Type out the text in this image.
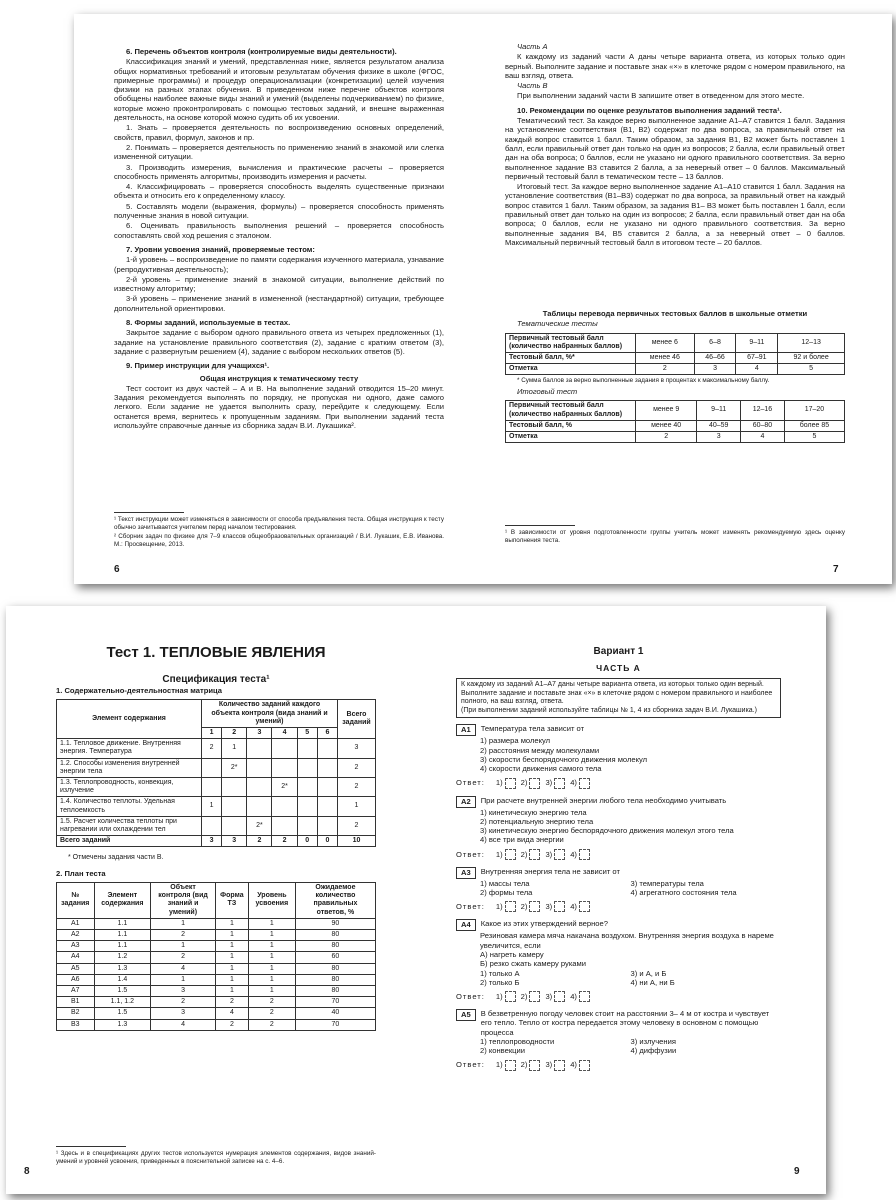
6. Перечень объектов контроля (контролируемые виды деятельности).

Классификация знаний и умений, представленная ниже, является результатом анализа общих нормативных требований и итоговым результатам обучения физике в школе (ФГОС, примерные программы) и процедур операционализации (конкретизации) целей изучения физики на разных этапах обучения. В приведенном ниже перечне объектов контроля обобщены наиболее важные виды знаний и умений (выделены подчеркиванием) по физике, которые можно проконтролировать с помощью тестовых заданий, и внешне выраженная деятельность, на основе которой можно судить об их усвоении.

1. Знать – проверяется деятельность по воспроизведению основных определений, свойств, правил, формул, законов и пр.

2. Понимать – проверяется деятельность по применению знаний в знакомой или слегка измененной ситуации.

3. Производить измерения, вычисления и практические расчеты – проверяется способность применять алгоритмы, производить измерения и расчеты.

4. Классифицировать – проверяется способность выделять существенные признаки объекта и относить его к определенному классу.

5. Составлять модели (выражения, формулы) – проверяется способность применять полученные знания в новой ситуации.

6. Оценивать правильность выполнения решений – проверяется способность сопоставлять свой ход решения с эталоном.

7. Уровни усвоения знаний, проверяемые тестом:

1-й уровень – воспроизведение по памяти содержания изученного материала, узнавание (репродуктивная деятельность);

2-й уровень – применение знаний в знакомой ситуации, выполнение действий по известному алгоритму;

3-й уровень – применение знаний в измененной (нестандартной) ситуации, требующее дополнительной ориентировки.

8. Формы заданий, используемые в тестах.

Закрытое задание с выбором одного правильного ответа из четырех предложенных (1), задание на установление правильного соответствия (2), задание с кратким ответом (3), задание с развернутым решением (4), задание с выбором нескольких ответов (5).

9. Пример инструкции для учащихся¹.

Общая инструкция к тематическому тесту

Тест состоит из двух частей – А и В. На выполнение заданий отводится 15–20 минут. Задания рекомендуется выполнять по порядку, не пропуская ни одного, даже самого легкого. Если задание не удается выполнить сразу, перейдите к следующему. Если останется время, вернитесь к пропущенным заданиям. При выполнении заданий теста используйте справочные данные из сборника задач В.И. Лукашика².

¹ Текст инструкции может изменяться в зависимости от способа предъявления теста. Общая инструкция к тесту обычно зачитывается учителем перед началом тестирования.

² Сборник задач по физике для 7–9 классов общеобразовательных организаций / В.И. Лукашик, Е.В. Иванова. М.: Просвещение, 2013.

6

Часть А

К каждому из заданий части А даны четыре варианта ответа, из которых только один верный. Выполните задание и поставьте знак «×» в клеточке рядом с номером правильного, на ваш взгляд, ответа.

Часть В

При выполнении заданий части В запишите ответ в отведенном для этого месте.

10. Рекомендации по оценке результатов выполнения заданий теста¹.

Тематический тест. За каждое верно выполненное задание А1–А7 ставится 1 балл. Задания на установление соответствия (В1, В2) содержат по два вопроса, за правильный ответ на каждый вопрос ставится 1 балл. Таким образом, за задания В1, В2 может быть поставлен 1 балл, если правильный ответ дан только на один из вопросов; 2 балла, если правильный ответ дан на оба вопроса; 0 баллов, если не указано ни одного правильного соответствия. За верно выполненное задание В3 ставится 2 балла, а за неверный ответ – 0 баллов. Максимальный первичный тестовый балл в тематическом тесте – 13 баллов.

Итоговый тест. За каждое верно выполненное задание А1–А10 ставится 1 балл. Задания на установление соответствия (В1–В3) содержат по два вопроса, за правильный ответ на каждый вопрос ставится 1 балл. Таким образом, за задания В1– В3 может быть поставлен 1 балл, если правильный ответ дан только на один из вопросов; 2 балла, если правильный ответ дан на оба вопроса; 0 баллов, если не указано ни одного правильного соответствия. За верно выполненные задания В4, В5 ставится 2 балла, а за неверный ответ – 0 баллов. Максимальный первичный тестовый балл в итоговом тесте – 20 баллов.

Таблицы перевода первичных тестовых баллов в школьные отметки

Тематические тесты

Первичный тестовый балл (количество набранных баллов)	менее 6	6–8	9–11	12–13
Тестовый балл, %*	менее 46	46–66	67–91	92 и более
Отметка	2	3	4	5

* Сумма баллов за верно выполненные задания в процентах к максимальному баллу.

Итоговый тест

Первичный тестовый балл (количество набранных баллов)	менее 9	9–11	12–16	17–20
Тестовый балл, %	менее 40	40–59	60–80	более 85
Отметка	2	3	4	5

¹ В зависимости от уровня подготовленности группы учитель может изменять рекомендуемую здесь оценку выполнения теста.

7
Тест 1. ТЕПЛОВЫЕ ЯВЛЕНИЯ

Спецификация теста¹

1. Содержательно-деятельностная матрица

Элемент содержания	Количество заданий каждого объекта контроля (вида знаний и умений)						Всего заданий
	1	2	3	4	5	6	
1.1. Тепловое движение. Внутренняя энергия. Температура	2	1					3
1.2. Способы изменения внутренней энергии тела		2*					2
1.3. Теплопроводность, конвекция, излучение				2*			2
1.4. Количество теплоты. Удельная теплоемкость	1						1
1.5. Расчет количества теплоты при нагревании или охлаждении тел			2*				2
Всего заданий	3	3	2	2	0	0	10

* Отмечены задания части В.

2. План теста

№ задания	Элемент содержания	Объект контроля (вид знаний и умений)	Форма ТЗ	Уровень усвоения	Ожидаемое количество правильных ответов, %
А1	1.1	1	1	1	90
А2	1.1	2	1	1	80
А3	1.1	1	1	1	80
А4	1.2	2	1	1	60
А5	1.3	4	1	1	80
А6	1.4	1	1	1	80
А7	1.5	3	1	1	80
В1	1.1, 1.2	2	2	2	70
В2	1.5	3	4	2	40
В3	1.3	4	2	2	70

¹ Здесь и в спецификациях других тестов используется нумерация элементов содержания, видов знаний-умений и уровней усвоения, приведенных в пояснительной записке на с. 4–6.

8
Вариант 1
ЧАСТЬ А

К каждому из заданий А1–А7 даны четыре варианта ответа, из которых только один верный. Выполните задание и поставьте знак «×» в клеточке рядом с номером правильного и наиболее полного, на ваш взгляд, ответа.

(При выполнении заданий используйте таблицы № 1, 4 из сборника задач В.И. Лукашика.)

А1	Температура тела зависит от
1) размера молекул
2) расстояния между молекулами
3) скорости беспорядочного движения молекул
4) скорости движения самого тела
Ответ: 1) 2) 3) 4)
А2	При расчете внутренней энергии любого тела необходимо учитывать
1) кинетическую энергию тела
2) потенциальную энергию тела
3) кинетическую энергию беспорядочного движения молекул этого тела
4) все три вида энергии
Ответ: 1) 2) 3) 4)
А3	Внутренняя энергия тела не зависит от
1) массы тела	3) температуры тела
2) формы тела	4) агрегатного состояния тела
Ответ: 1) 2) 3) 4)
А4	Какое из этих утверждений верное?
Резиновая камера мяча накачана воздухом. Внутренняя энергия воздуха в нареме увеличится, если
А) нагреть камеру
Б) резко сжать камеру руками
1) только А	3) и А, и Б
2) только Б	4) ни А, ни Б
Ответ: 1) 2) 3) 4)
А5	В безветренную погоду человек стоит на расстоянии 3– 4 м от костра и чувствует его тепло. Тепло от костра передается этому человеку в основном с помощью процесса
1) теплопроводности	3) излучения
2) конвекции	4) диффузии
Ответ: 1) 2) 3) 4)
9
